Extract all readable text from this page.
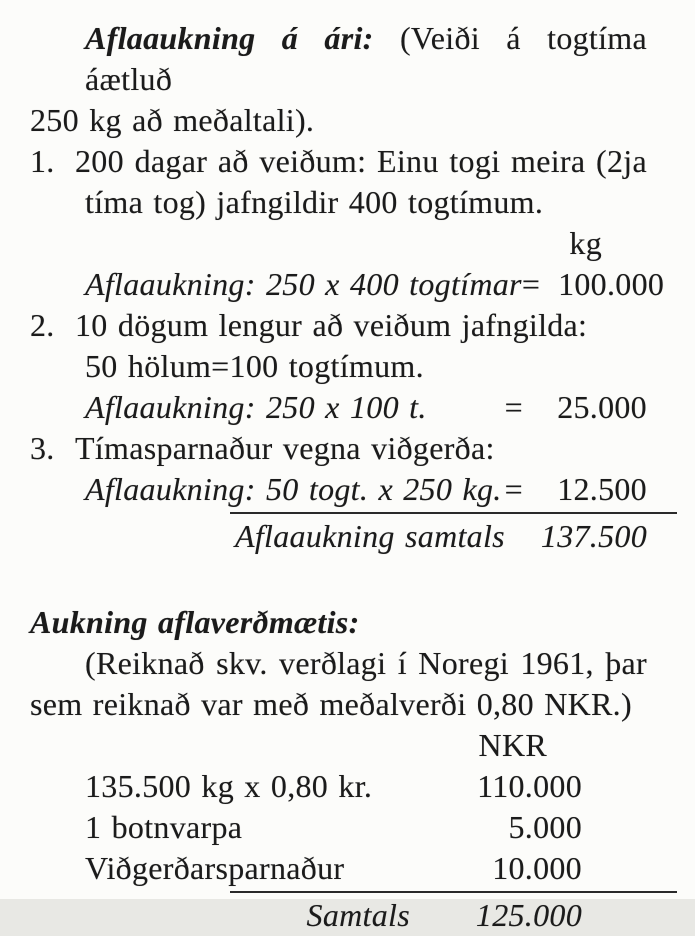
Aflaaukning á ári: (Veiði á togtíma áætluð
250 kg að meðaltali).
1. 200 dagar að veiðum: Einu togi meira (2ja
tíma tog) jafngildir 400 togtímum.
kg
Aflaaukning: 250 x 400 togtímar = 100.000
2. 10 dögum lengur að veiðum jafngilda:
50 hölum=100 togtímum.
Aflaaukning: 250 x 100 t. =	25.000
3. Tímasparnaður vegna viðgerða:
Aflaaukning: 50 togt. x 250 kg. =	12.500
Aflaaukning samtals 137.500
Aukning aflaverðmætis:
(Reiknað skv. verðlagi í Noregi 1961, þar
sem reiknað var með meðalverði 0,80 NKR.)
NKR
135.500 kg x 0,80 kr.	110.000
1 botnvarpa	5.000
Viðgerðarsparnaður	10.000
Samtals	125.000
